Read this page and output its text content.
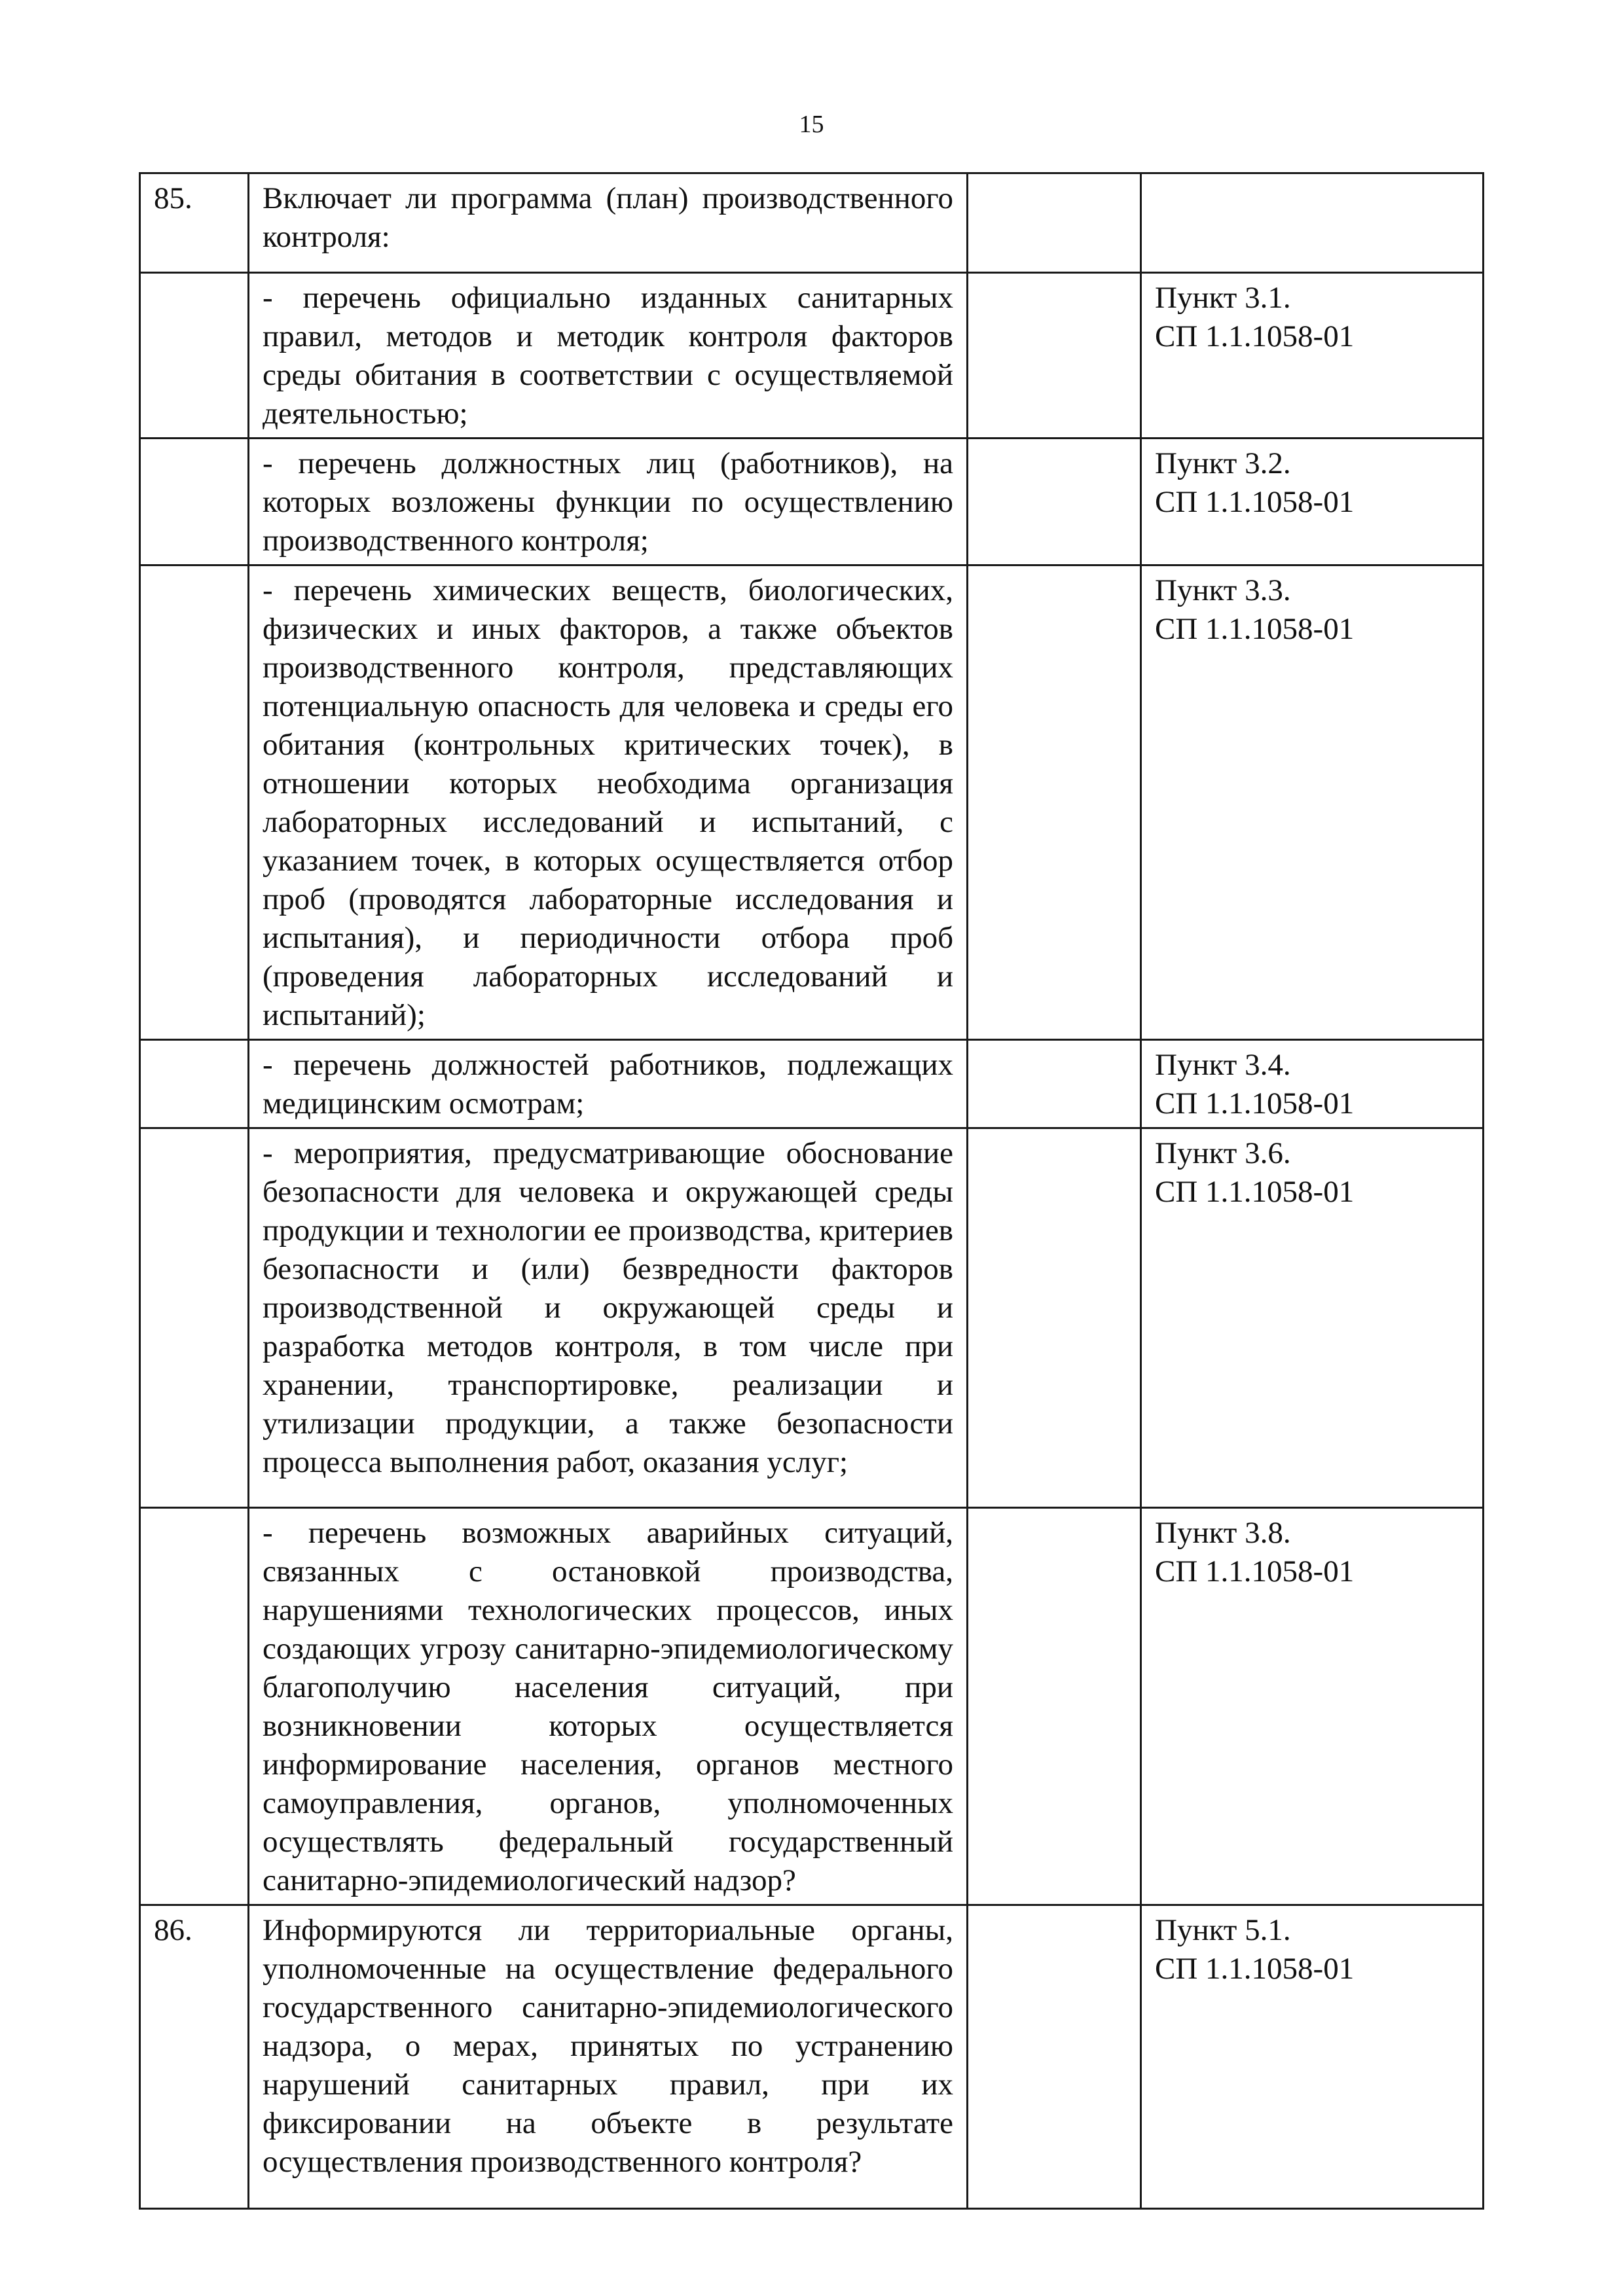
15
85.	Включает ли программа (план) производственного контроля:		

	- перечень официально изданных санитарных правил, методов и методик контроля факторов среды обитания в соответствии с осуществляемой деятельностью;		Пункт 3.1.
СП 1.1.1058-01

	- перечень должностных лиц (работников), на которых возложены функции по осуществлению производственного контроля;		Пункт 3.2.
СП 1.1.1058-01

	- перечень химических веществ, биологических, физических и иных факторов, а также объектов производственного контроля, представляющих потенциальную опасность для человека и среды его обитания (контрольных критических точек), в отношении которых необходима организация лабораторных исследований и испытаний, с указанием точек, в которых осуществляется отбор проб (проводятся лабораторные исследования и испытания), и периодичности отбора проб (проведения лабораторных исследований и испытаний);		Пункт 3.3.
СП 1.1.1058-01

	- перечень должностей работников, подлежащих медицинским осмотрам;		Пункт 3.4.
СП 1.1.1058-01

	- мероприятия, предусматривающие обоснование безопасности для человека и окружающей среды продукции и технологии ее производства, критериев безопасности и (или) безвредности факторов производственной и окружающей среды и разработка методов контроля, в том числе при хранении, транспортировке, реализации и утилизации продукции, а также безопасности процесса выполнения работ, оказания услуг;		Пункт 3.6.
СП 1.1.1058-01

	- перечень возможных аварийных ситуаций, связанных с остановкой производства, нарушениями технологических процессов, иных создающих угрозу санитарно-эпидемиологическому благополучию населения ситуаций, при возникновении которых осуществляется информирование населения, органов местного самоуправления, органов, уполномоченных осуществлять федеральный государственный санитарно-эпидемиологический надзор?		Пункт 3.8.
СП 1.1.1058-01

86.	Информируются ли территориальные органы, уполномоченные на осуществление федерального государственного санитарно-эпидемиологического надзора, о мерах, принятых по устранению нарушений санитарных правил, при их фиксировании на объекте в результате осуществления производственного контроля?		Пункт 5.1.
СП 1.1.1058-01
